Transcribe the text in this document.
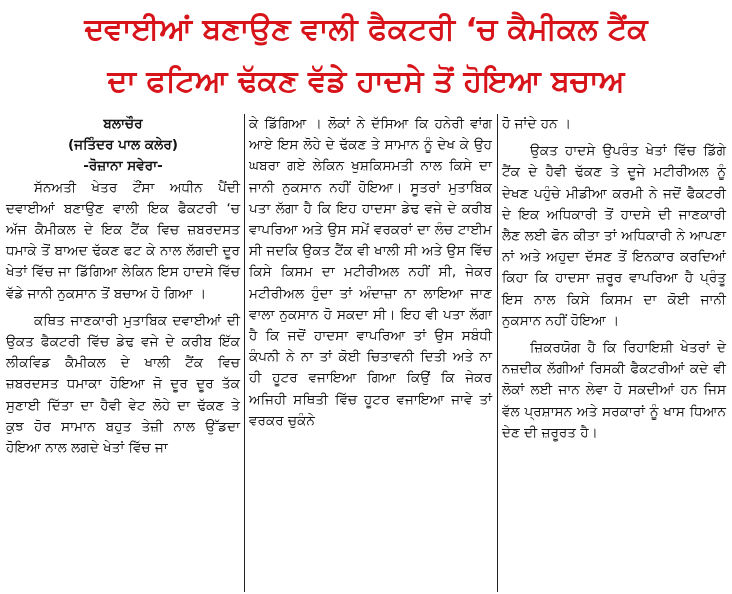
ਦਵਾਈਆਂ ਬਣਾਉਣ ਵਾਲੀ ਫੈਕਟਰੀ ‘ਚ ਕੈਮੀਕਲ ਟੈਂਕ
ਦਾ ਫਟਿਆ ਢੱਕਣ ਵੱਡੇ ਹਾਦਸੇ ਤੋਂ ਹੋਇਆ ਬਚਾਅ
ਬਲਾਚੌਰ
(ਜਤਿੰਦਰ ਪਾਲ ਕਲੇਰ)
-ਰੋਜ਼ਾਨਾ ਸਵੇਰਾ-

ਸੱਨਅਤੀ ਖੇਤਰ ਟੌਂਸਾ ਅਧੀਨ ਪੈਂਦੀ ਦਵਾਈਆਂ ਬਣਾਉਣ ਵਾਲੀ ਇਕ ਫੈਕਟਰੀ ‘ਚ ਅੱਜ ਕੈਮੀਕਲ ਦੇ ਇਕ ਟੈਂਕ ਵਿਚ ਜ਼ਬਰਦਸਤ ਧਮਾਕੇ ਤੋਂ ਬਾਅਦ ਢੱਕਣ ਫਟ ਕੇ ਨਾਲ ਲੱਗਦੀ ਦੂਰ ਖੇਤਾਂ ਵਿੱਚ ਜਾ ਡਿੱਗਿਆ ਲੇਕਿਨ ਇਸ ਹਾਦਸੇ ਵਿੱਚ ਵੱਡੇ ਜਾਨੀ ਨੁਕਸਾਨ ਤੋਂ ਬਚਾਅ ਹੋ ਗਿਆ ।

ਕਥਿਤ ਜਾਣਕਾਰੀ ਮੁਤਾਬਿਕ ਦਵਾਈਆਂ ਦੀ ਉਕਤ ਫੈਕਟਰੀ ਵਿੱਚ ਡੇਢ ਵਜੇ ਦੇ ਕਰੀਬ ਇੱਕ ਲੀਕਵਿਡ ਕੈਮੀਕਲ ਦੇ ਖਾਲੀ ਟੈਂਕ ਵਿਚ ਜ਼ਬਰਦਸਤ ਧਮਾਕਾ ਹੋਇਆ ਜੋ ਦੂਰ ਦੂਰ ਤੱਕ ਸੁਣਾਈ ਦਿੱਤਾ ਦਾ ਹੈਵੀ ਵੇਟ ਲੋਹੇ ਦਾ ਢੱਕਣ ਤੇ ਕੁਝ ਹੋਰ ਸਾਮਾਨ ਬਹੁਤ ਤੇਜ਼ੀ ਨਾਲ ਉੱਡਦਾ ਹੋਇਆ ਨਾਲ ਲਗਦੇ ਖੇਤਾਂ ਵਿੱਚ ਜਾ

ਕੇ ਡਿੱਗਿਆ । ਲੋਕਾਂ ਨੇ ਦੱਸਿਆ ਕਿ ਹਨੇਰੀ ਵਾਂਗ ਆਏ ਇਸ ਲੋਹੇ ਦੇ ਢੱਕਣ ਤੇ ਸਾਮਾਨ ਨੂੰ ਦੇਖ ਕੇ ਉਹ ਘਬਰਾ ਗਏ ਲੇਕਿਨ ਖੁਸ਼ਕਿਸਮਤੀ ਨਾਲ ਕਿਸੇ ਦਾ ਜਾਨੀ ਨੁਕਸਾਨ ਨਹੀਂ ਹੋਇਆ। ਸੂਤਰਾਂ ਮੁਤਾਬਿਕ ਪਤਾ ਲੱਗਾ ਹੈ ਕਿ ਇਹ ਹਾਦਸਾ ਡੇਢ ਵਜੇ ਦੇ ਕਰੀਬ ਵਾਪਰਿਆ ਅਤੇ ਉਸ ਸਮੇਂ ਵਰਕਰਾਂ ਦਾ ਲੰਚ ਟਾਈਮ ਸੀ ਜਦਕਿ ਉਕਤ ਟੈਂਕ ਵੀ ਖਾਲੀ ਸੀ ਅਤੇ ਉਸ ਵਿੱਚ ਕਿਸੇ ਕਿਸਮ ਦਾ ਮਟੀਰੀਅਲ ਨਹੀਂ ਸੀ, ਜੇਕਰ ਮਟੀਰੀਅਲ ਹੁੰਦਾ ਤਾਂ ਅੰਦਾਜ਼ਾ ਨਾ ਲਾਇਆ ਜਾਣ ਵਾਲਾ ਨੁਕਸਾਨ ਹੋ ਸਕਦਾ ਸੀ। ਇਹ ਵੀ ਪਤਾ ਲੱਗਾ ਹੈ ਕਿ ਜਦੋਂ ਹਾਦਸਾ ਵਾਪਰਿਆ ਤਾਂ ਉਸ ਸਬੰਧੀ ਕੰਪਨੀ ਨੇ ਨਾ ਤਾਂ ਕੋਈ ਚਿਤਾਵਨੀ ਦਿਤੀ ਅਤੇ ਨਾ ਹੀ ਹੂਟਰ ਵਜਾਇਆ ਗਿਆ ਕਿਉਂ ਕਿ ਜੇਕਰ ਅਜਿਹੀ ਸਥਿਤੀ ਵਿੱਚ ਹੂਟਰ ਵਜਾਇਆ ਜਾਵੇ ਤਾਂ ਵਰਕਰ ਚੁਕੰਨੇ

ਹੋ ਜਾਂਦੇ ਹਨ ।

ਉਕਤ ਹਾਦਸੇ ਉਪਰੰਤ ਖੇਤਾਂ ਵਿੱਚ ਡਿੱਗੇ ਟੈਂਕ ਦੇ ਹੈਵੀ ਢੱਕਣ ਤੇ ਦੂਜੇ ਮਟੀਰੀਅਲ ਨੂੰ ਦੇਖਣ ਪਹੁੰਚੇ ਮੀਡੀਆ ਕਰਮੀ ਨੇ ਜਦੋਂ ਫੈਕਟਰੀ ਦੇ ਇਕ ਅਧਿਕਾਰੀ ਤੋਂ ਹਾਦਸੇ ਦੀ ਜਾਣਕਾਰੀ ਲੈਣ ਲਈ ਫੋਨ ਕੀਤਾ ਤਾਂ ਅਧਿਕਾਰੀ ਨੇ ਆਪਣਾ ਨਾਂ ਅਤੇ ਅਹੁਦਾ ਦੱਸਣ ਤੋਂ ਇਨਕਾਰ ਕਰਦਿਆਂ ਕਿਹਾ ਕਿ ਹਾਦਸਾ ਜ਼ਰੂਰ ਵਾਪਰਿਆ ਹੈ ਪ੍ਰੰਤੂ ਇਸ ਨਾਲ ਕਿਸੇ ਕਿਸਮ ਦਾ ਕੋਈ ਜਾਨੀ ਨੁਕਸਾਨ ਨਹੀਂ ਹੋਇਆ ।

ਜ਼ਿਕਰਯੋਗ ਹੈ ਕਿ ਰਿਹਾਇਸ਼ੀ ਖੇਤਰਾਂ ਦੇ ਨਜ਼ਦੀਕ ਲੱਗੀਆਂ ਰਿਸਕੀ ਫੈਕਟਰੀਆਂ ਕਦੇ ਵੀ ਲੋਕਾਂ ਲਈ ਜਾਨ ਲੇਵਾ ਹੋ ਸਕਦੀਆਂ ਹਨ ਜਿਸ ਵੱਲ ਪ੍ਰਸ਼ਾਸਨ ਅਤੇ ਸਰਕਾਰਾਂ ਨੂੰ ਖਾਸ ਧਿਆਨ ਦੇਣ ਦੀ ਜ਼ਰੂਰਤ ਹੈ।
